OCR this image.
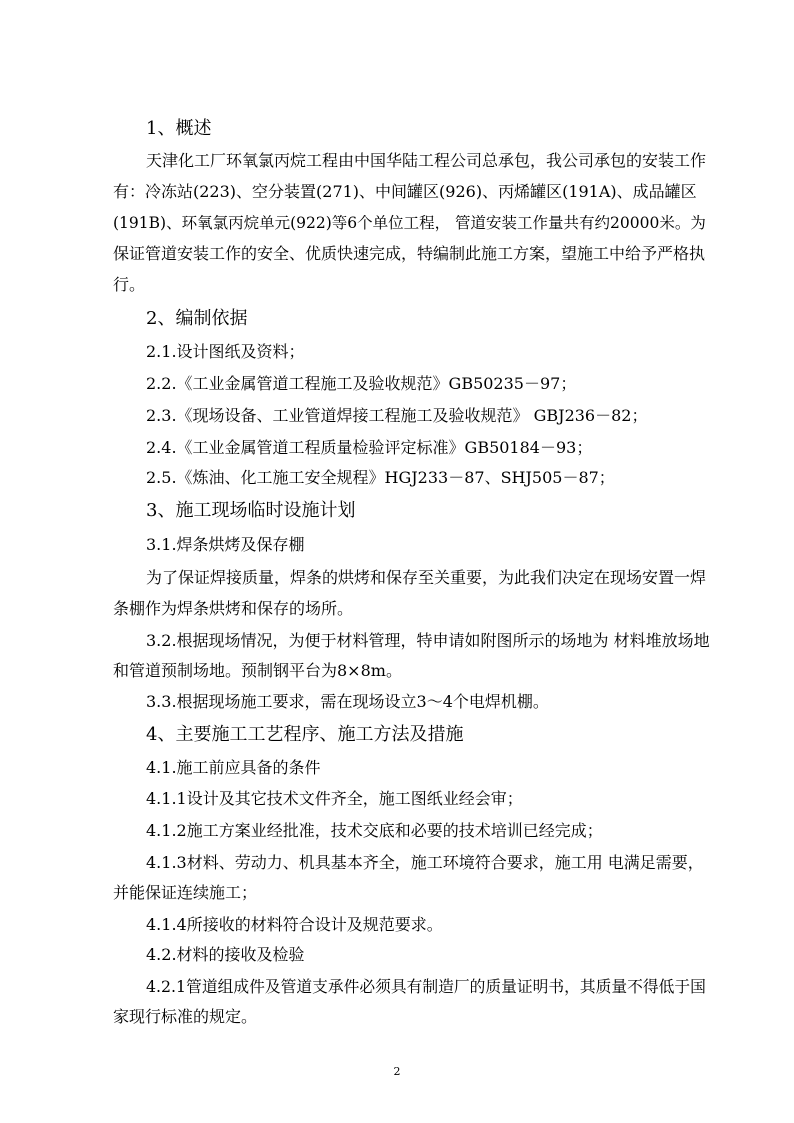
1、概述
天津化工厂环氧氯丙烷工程由中国华陆工程公司总承包，我公司承包的安装工作
有：冷冻站(223)、空分装置(271)、中间罐区(926)、丙烯罐区(191A)、成品罐区
(191B)、环氧氯丙烷单元(922)等6个单位工程， 管道安装工作量共有约20000米。为
保证管道安装工作的安全、优质快速完成，特编制此施工方案，望施工中给予严格执
行。
2、编制依据
2.1.设计图纸及资料；
2.2.《工业金属管道工程施工及验收规范》GB50235－97；
2.3.《现场设备、工业管道焊接工程施工及验收规范》 GBJ236－82；
2.4.《工业金属管道工程质量检验评定标准》GB50184－93；
2.5.《炼油、化工施工安全规程》HGJ233－87、SHJ505－87；
3、施工现场临时设施计划
3.1.焊条烘烤及保存棚
为了保证焊接质量，焊条的烘烤和保存至关重要，为此我们决定在现场安置一焊
条棚作为焊条烘烤和保存的场所。
3.2.根据现场情况，为便于材料管理，特申请如附图所示的场地为 材料堆放场地
和管道预制场地。预制钢平台为8×8m。
3.3.根据现场施工要求，需在现场设立3～4个电焊机棚。
4、主要施工工艺程序、施工方法及措施
4.1.施工前应具备的条件
4.1.1设计及其它技术文件齐全，施工图纸业经会审；
4.1.2施工方案业经批准，技术交底和必要的技术培训已经完成；
4.1.3材料、劳动力、机具基本齐全，施工环境符合要求，施工用 电满足需要，
并能保证连续施工；
4.1.4所接收的材料符合设计及规范要求。
4.2.材料的接收及检验
4.2.1管道组成件及管道支承件必须具有制造厂的质量证明书，其质量不得低于国
家现行标准的规定。
2
